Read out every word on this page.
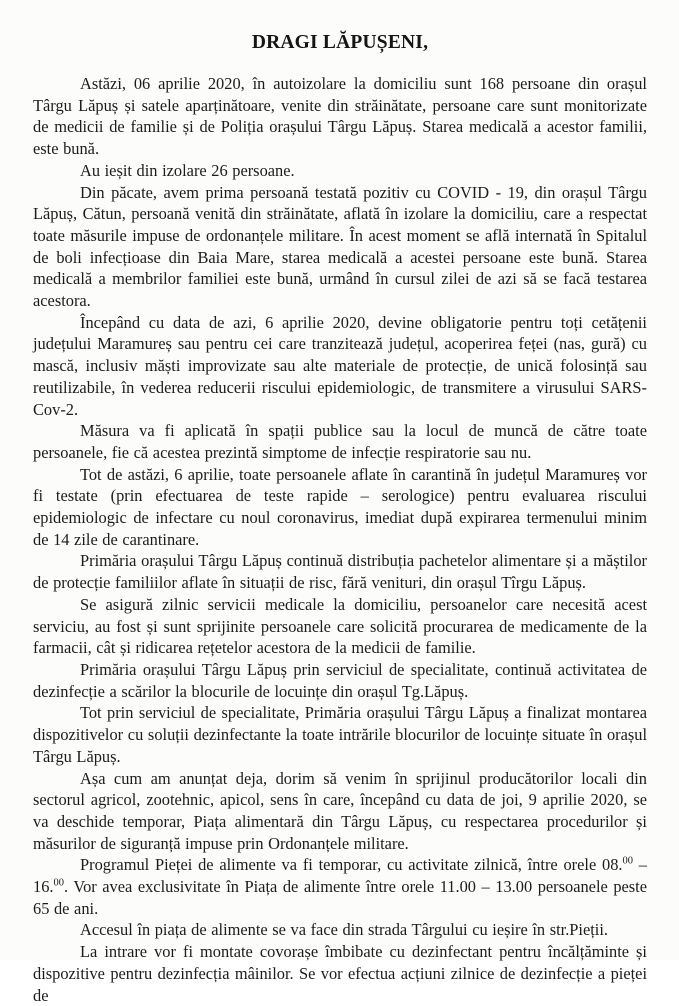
DRAGI LĂPUȘENI,

Astăzi, 06 aprilie 2020, în autoizolare la domiciliu sunt 168 persoane din orașul Târgu Lăpuș și satele aparținătoare, venite din străinătate, persoane care sunt monitorizate de medicii de familie și de Poliția orașului Târgu Lăpuș. Starea medicală a acestor familii, este bună.

Au ieșit din izolare 26 persoane.

Din păcate, avem prima persoană testată pozitiv cu COVID - 19, din orașul Târgu Lăpuș, Cătun, persoană venită din străinătate, aflată în izolare la domiciliu, care a respectat toate măsurile impuse de ordonanțele militare. În acest moment se află internată în Spitalul de boli infecțioase din Baia Mare, starea medicală a acestei persoane este bună. Starea medicală a membrilor familiei este bună, urmând în cursul zilei de azi să se facă testarea acestora.

Începând cu data de azi, 6 aprilie 2020, devine obligatorie pentru toți cetățenii județului Maramureș sau pentru cei care tranzitează județul, acoperirea feței (nas, gură) cu mască, inclusiv măști improvizate sau alte materiale de protecție, de unică folosință sau reutilizabile, în vederea reducerii riscului epidemiologic, de transmitere a virusului SARS-Cov-2.

Măsura va fi aplicată în spații publice sau la locul de muncă de către toate persoanele, fie că acestea prezintă simptome de infecție respiratorie sau nu.

Tot de astăzi, 6 aprilie, toate persoanele aflate în carantină în județul Maramureș vor fi testate (prin efectuarea de teste rapide – serologice) pentru evaluarea riscului epidemiologic de infectare cu noul coronavirus, imediat după expirarea termenului minim de 14 zile de carantinare.

Primăria orașului Târgu Lăpuș continuă distribuția pachetelor alimentare și a măștilor de protecție familiilor aflate în situații de risc, fără venituri, din orașul Tîrgu Lăpuș.

Se asigură zilnic servicii medicale la domiciliu, persoanelor care necesită acest serviciu, au fost și sunt sprijinite persoanele care solicită procurarea de medicamente de la farmacii, cât și ridicarea rețetelor acestora de la medicii de familie.

Primăria orașului Târgu Lăpuș prin serviciul de specialitate, continuă activitatea de dezinfecție a scărilor la blocurile de locuințe din orașul Tg.Lăpuș.

Tot prin serviciul de specialitate, Primăria orașului Târgu Lăpuș a finalizat montarea dispozitivelor cu soluții dezinfectante la toate intrările blocurilor de locuințe situate în orașul Târgu Lăpuș.

Așa cum am anunțat deja, dorim să venim în sprijinul producătorilor locali din sectorul agricol, zootehnic, apicol, sens în care, începând cu data de joi, 9 aprilie 2020, se va deschide temporar, Piața alimentară din Târgu Lăpuș, cu respectarea procedurilor și măsurilor de siguranță impuse prin Ordonanțele militare.

Programul Pieței de alimente va fi temporar, cu activitate zilnică, între orele 08.00 – 16.00. Vor avea exclusivitate în Piața de alimente între orele 11.00 – 13.00 persoanele peste 65 de ani.

Accesul în piața de alimente se va face din strada Târgului cu ieșire în str.Pieții.

La intrare vor fi montate covorașe îmbibate cu dezinfectant pentru încălțăminte și dispozitive pentru dezinfecția mâinilor. Se vor efectua acțiuni zilnice de dezinfecție a pieței de
